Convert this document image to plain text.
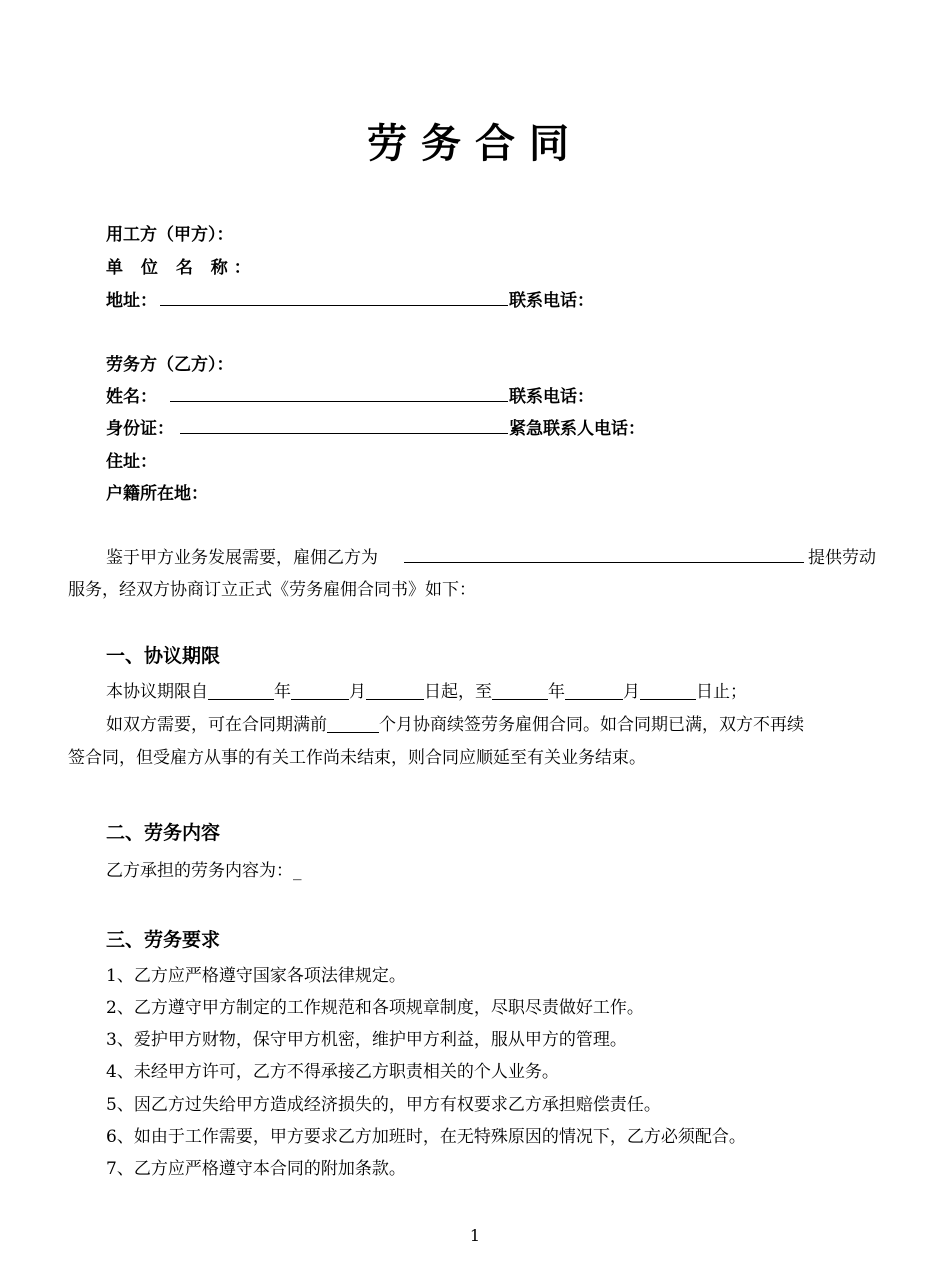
劳务合同
用工方（甲方）：
单 位 名 称：
地址：	联系电话：
劳务方（乙方）：
姓名：	联系电话：
身份证：	紧急联系人电话：
住址：
户籍所在地：
鉴于甲方业务发展需要，雇佣乙方为	提供劳动
服务，经双方协商订立正式《劳务雇佣合同书》如下：
一、协议期限
本协议期限自	年	月	日起，至	年	月	日止；
如双方需要，可在合同期满前	个月协商续签劳务雇佣合同。如合同期已满，双方不再续
签合同，但受雇方从事的有关工作尚未结束，则合同应顺延至有关业务结束。
二、劳务内容
乙方承担的劳务内容为：_
三、劳务要求
1、乙方应严格遵守国家各项法律规定。
2、乙方遵守甲方制定的工作规范和各项规章制度，尽职尽责做好工作。
3、爱护甲方财物，保守甲方机密，维护甲方利益，服从甲方的管理。
4、未经甲方许可，乙方不得承接乙方职责相关的个人业务。
5、因乙方过失给甲方造成经济损失的，甲方有权要求乙方承担赔偿责任。
6、如由于工作需要，甲方要求乙方加班时，在无特殊原因的情况下，乙方必须配合。
7、乙方应严格遵守本合同的附加条款。
1
